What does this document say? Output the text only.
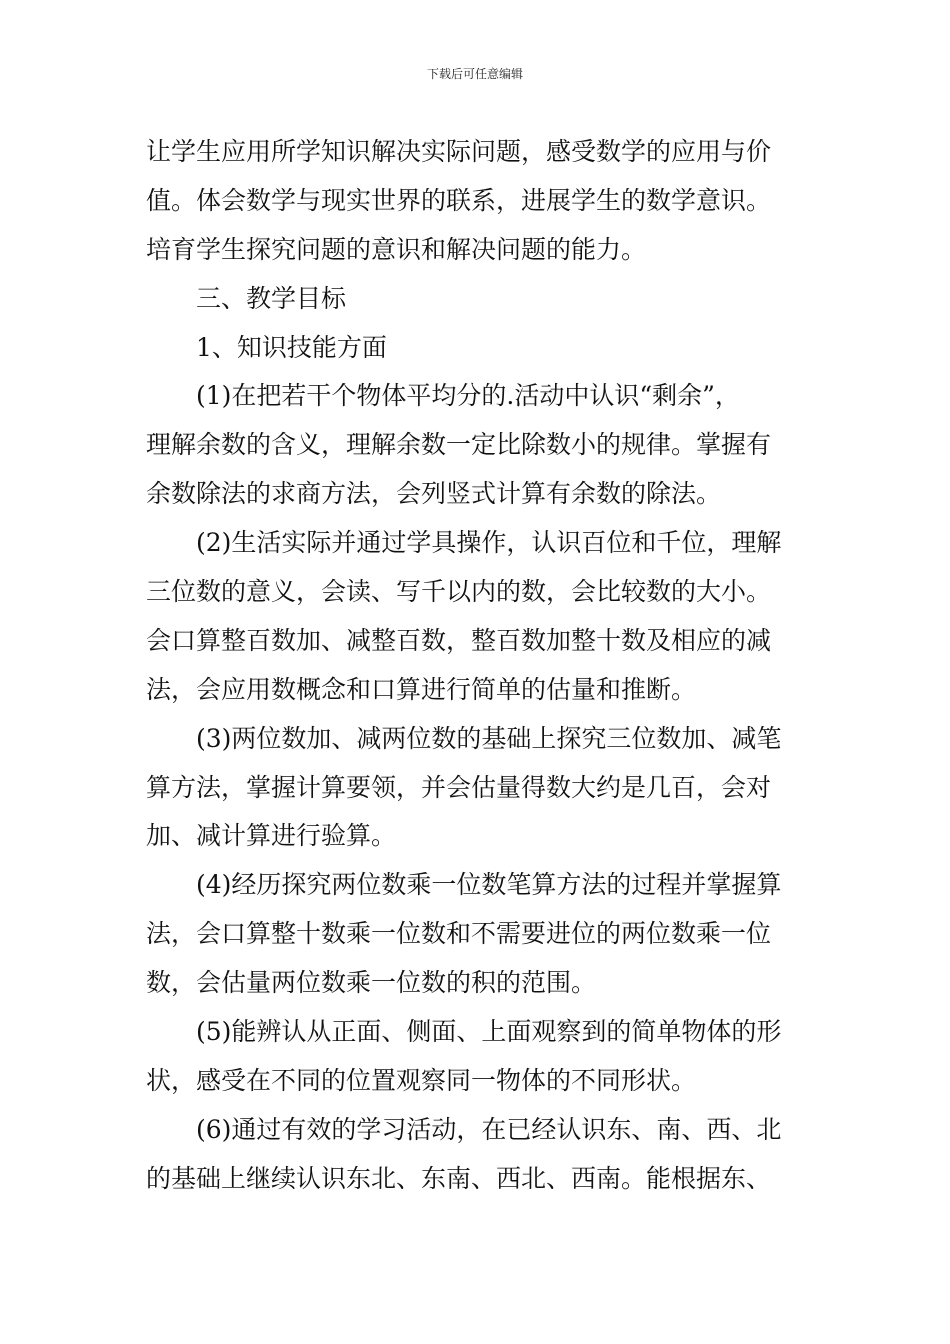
下载后可任意编辑
让学生应用所学知识解决实际问题，感受数学的应用与价
值。体会数学与现实世界的联系，进展学生的数学意识。
培育学生探究问题的意识和解决问题的能力。
三、教学目标
1、知识技能方面
(1)在把若干个物体平均分的.活动中认识“剩余”，
理解余数的含义，理解余数一定比除数小的规律。掌握有
余数除法的求商方法，会列竖式计算有余数的除法。
(2)生活实际并通过学具操作，认识百位和千位，理解
三位数的意义，会读、写千以内的数，会比较数的大小。
会口算整百数加、减整百数，整百数加整十数及相应的减
法，会应用数概念和口算进行简单的估量和推断。
(3)两位数加、减两位数的基础上探究三位数加、减笔
算方法，掌握计算要领，并会估量得数大约是几百，会对
加、减计算进行验算。
(4)经历探究两位数乘一位数笔算方法的过程并掌握算
法，会口算整十数乘一位数和不需要进位的两位数乘一位
数，会估量两位数乘一位数的积的范围。
(5)能辨认从正面、侧面、上面观察到的简单物体的形
状，感受在不同的位置观察同一物体的不同形状。
(6)通过有效的学习活动，在已经认识东、南、西、北
的基础上继续认识东北、东南、西北、西南。能根据东、
